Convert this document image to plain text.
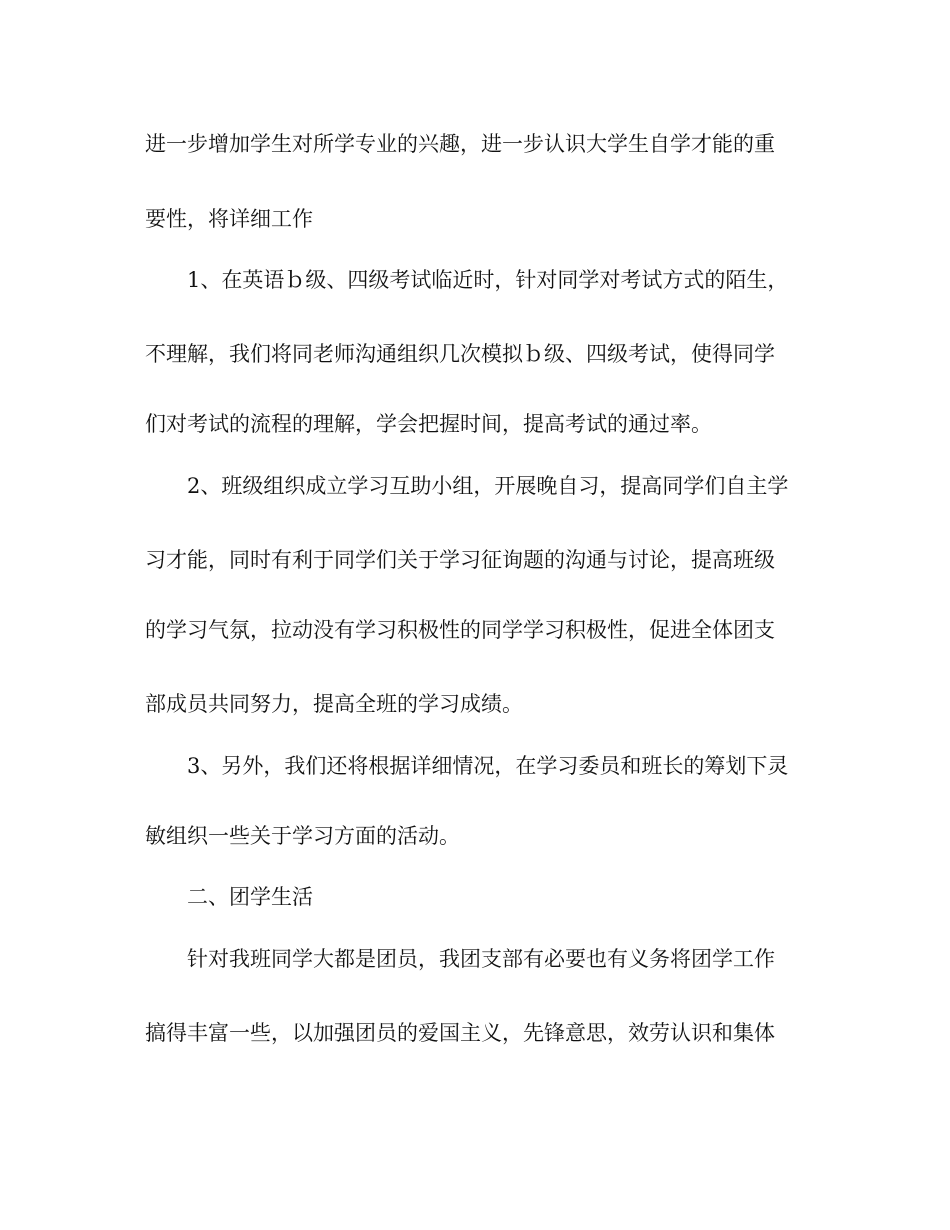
进一步增加学生对所学专业的兴趣，进一步认识大学生自学才能的重

要性，将详细工作

1、在英语ｂ级、四级考试临近时，针对同学对考试方式的陌生，

不理解，我们将同老师沟通组织几次模拟ｂ级、四级考试，使得同学

们对考试的流程的理解，学会把握时间，提高考试的通过率。

2、班级组织成立学习互助小组，开展晚自习，提高同学们自主学

习才能，同时有利于同学们关于学习征询题的沟通与讨论，提高班级

的学习气氛，拉动没有学习积极性的同学学习积极性，促进全体团支

部成员共同努力，提高全班的学习成绩。

3、另外，我们还将根据详细情况，在学习委员和班长的筹划下灵

敏组织一些关于学习方面的活动。

二、团学生活

针对我班同学大都是团员，我团支部有必要也有义务将团学工作

搞得丰富一些，以加强团员的爱国主义，先锋意思，效劳认识和集体
